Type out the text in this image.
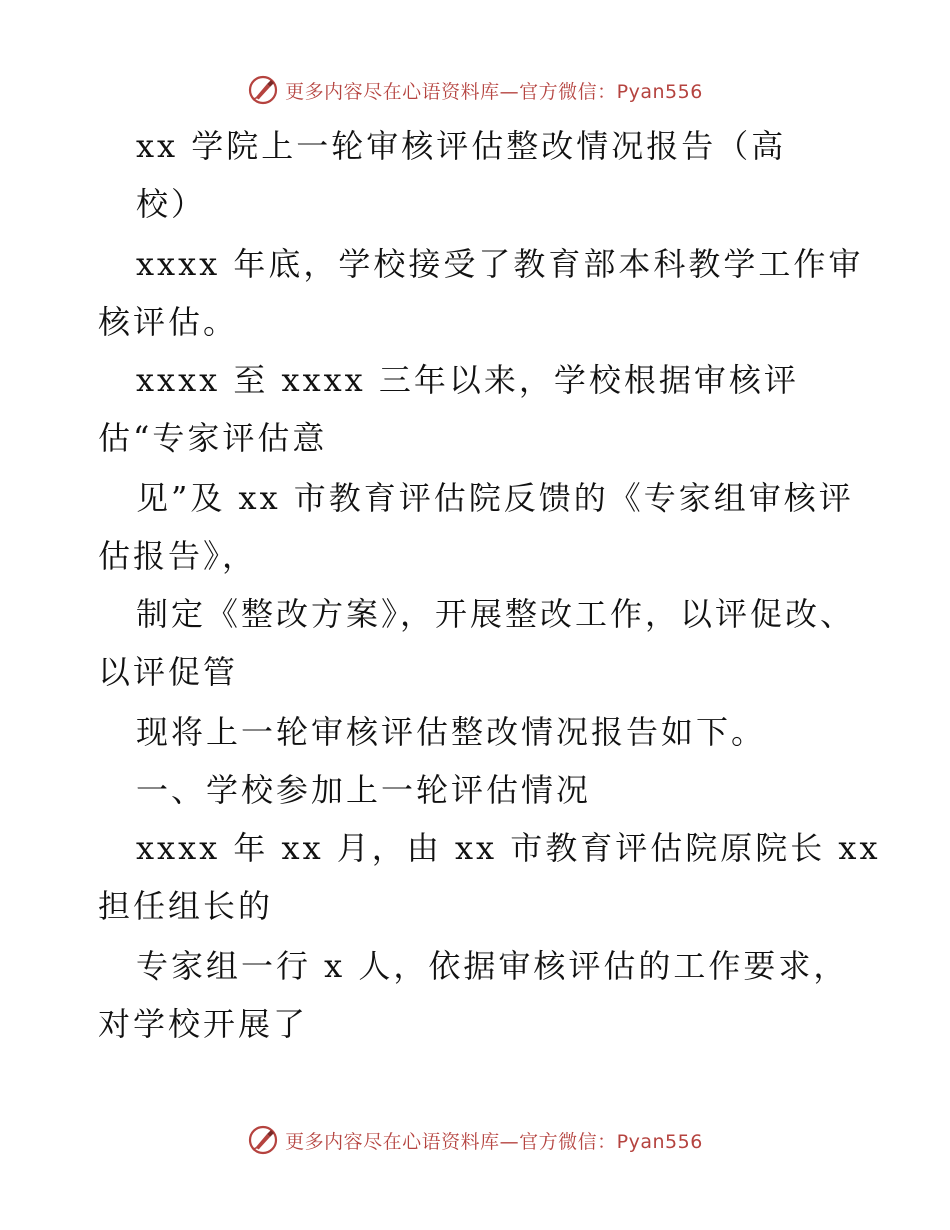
更多内容尽在心语资料库—官方微信：Pyan556
xx 学院上一轮审核评估整改情况报告（高
校）
xxxx 年底，学校接受了教育部本科教学工作审
核评估。
xxxx 至 xxxx 三年以来，学校根据审核评
估“专家评估意
见”及 xx 市教育评估院反馈的《专家组审核评
估报告》，
制定《整改方案》，开展整改工作，以评促改、
以评促管
现将上一轮审核评估整改情况报告如下。
一、学校参加上一轮评估情况
xxxx 年 xx 月，由 xx 市教育评估院原院长 xx
担任组长的
专家组一行 x 人，依据审核评估的工作要求，
对学校开展了
更多内容尽在心语资料库—官方微信：Pyan556
